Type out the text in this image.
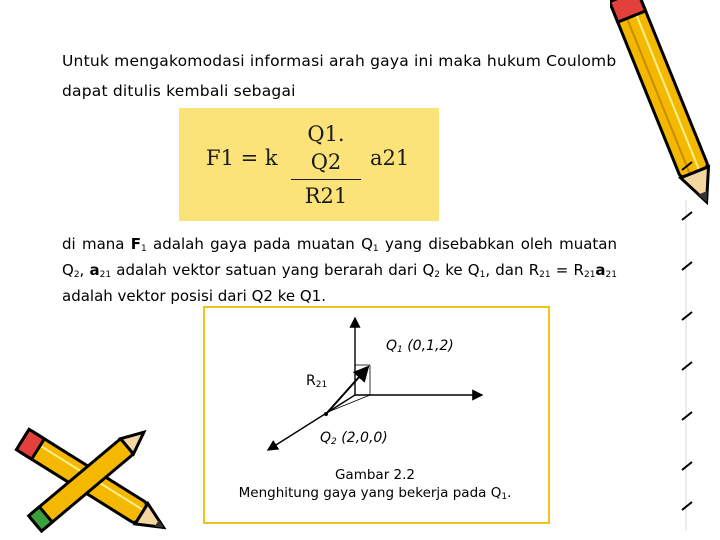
Untuk mengakomodasi informasi arah gaya ini maka hukum Coulomb
dapat ditulis kembali sebagai
F1 = k
Q1. Q2
R21
a21

di mana $F_1$ adalah gaya pada muatan $Q_1$ yang disebabkan oleh muatan $Q_2$, $a_{21}$ adalah vektor satuan yang berarah dari $Q_2$ ke $Q_1$, dan $R_{21} = R_{21}a_{21}$ adalah vektor posisi dari Q2 ke Q1.

$Q_1$ (0,1,2)
$R_{21}$
$Q_2$ (2,0,0)
Gambar 2.2
Menghitung gaya yang bekerja pada $Q_1$.
